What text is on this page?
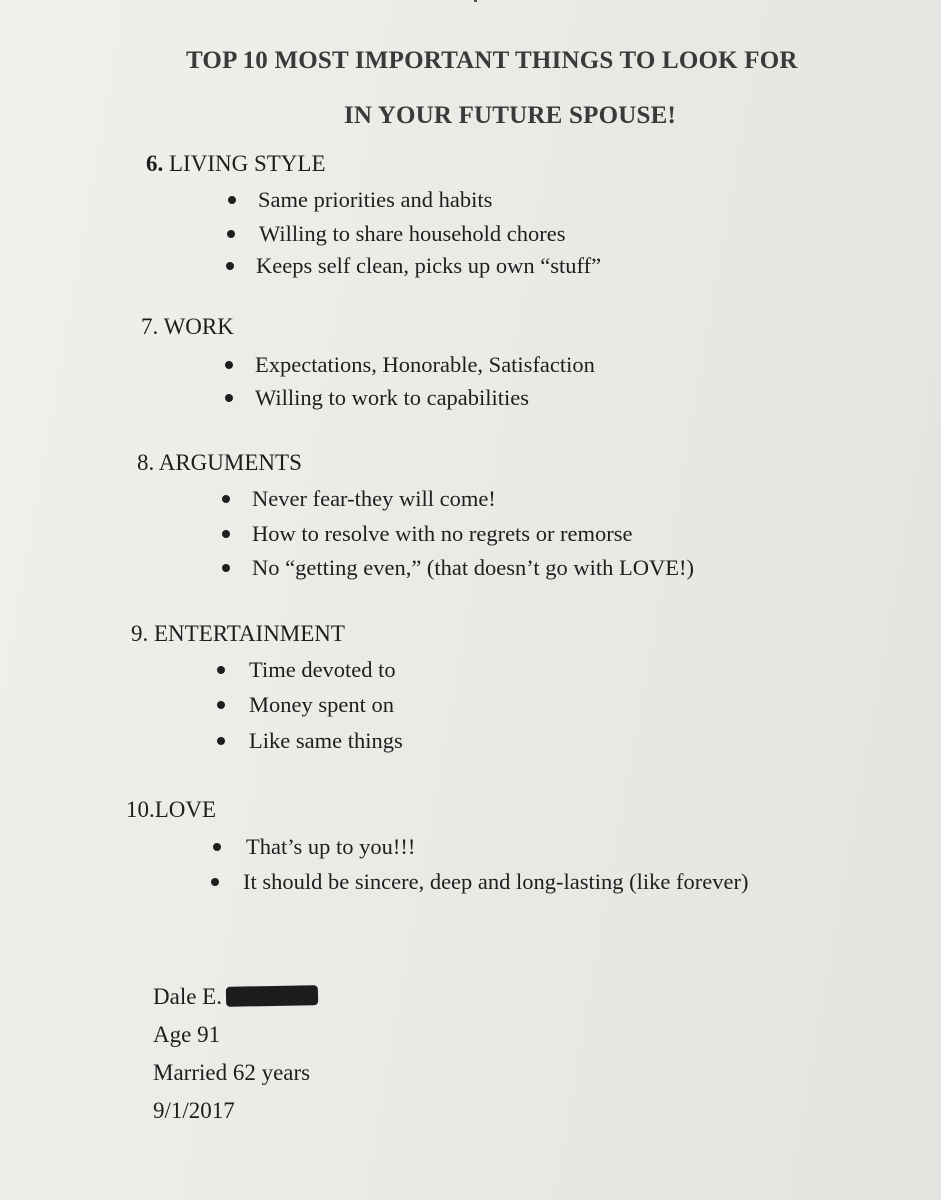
TOP 10 MOST IMPORTANT THINGS TO LOOK FOR
IN YOUR FUTURE SPOUSE!

6. LIVING STYLE

Same priorities and habits
Willing to share household chores
Keeps self clean, picks up own “stuff”

7. WORK

Expectations, Honorable, Satisfaction
Willing to work to capabilities

8. ARGUMENTS

Never fear-they will come!
How to resolve with no regrets or remorse
No “getting even,” (that doesn’t go with LOVE!)

9. ENTERTAINMENT

Time devoted to
Money spent on
Like same things

10.LOVE

That’s up to you!!!
It should be sincere, deep and long-lasting (like forever)
Dale E.
Age 91
Married 62 years
9/1/2017
